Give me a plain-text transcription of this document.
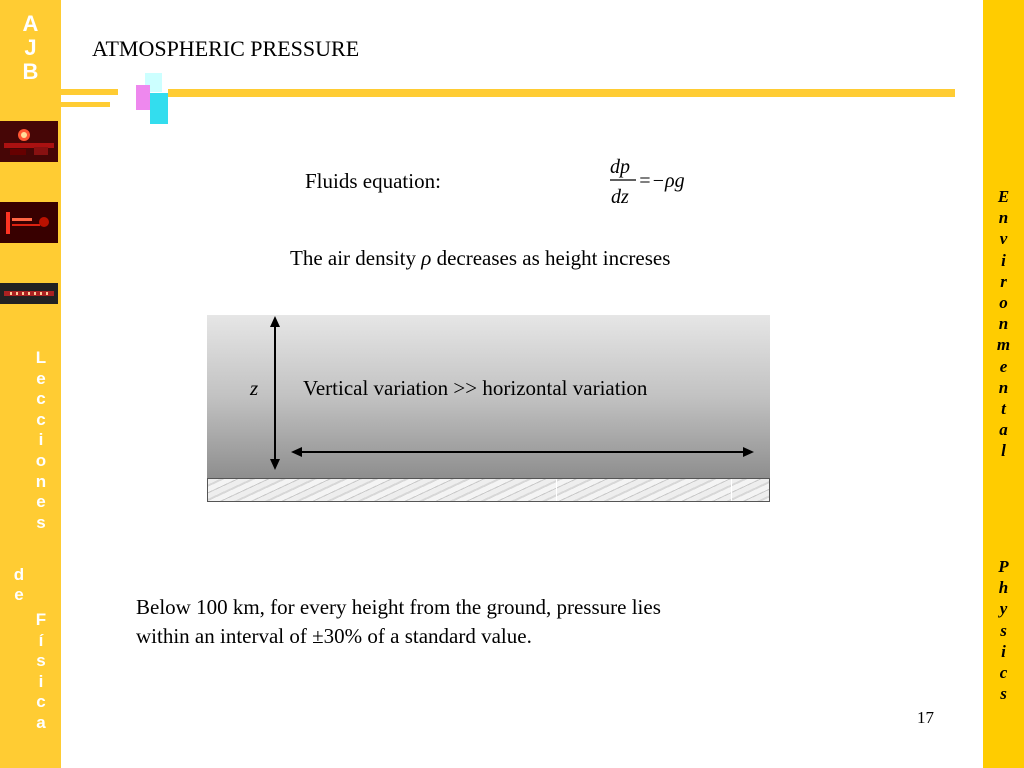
A
J
B
L
e
c
c
i
o
n
e
s
d
e
F
í
s
i
c
a
E
n
v
i
r
o
n
m
e
n
t
a
l
P
h
y
s
i
c
s
ATMOSPHERIC PRESSURE
Fluids equation:
dp
dz
=−ρg
The air density ρ decreases as height increses
z Vertical variation >> horizontal variation
Below 100 km, for every height from the ground, pressure lies
within an interval of ±30% of a standard value.
17
